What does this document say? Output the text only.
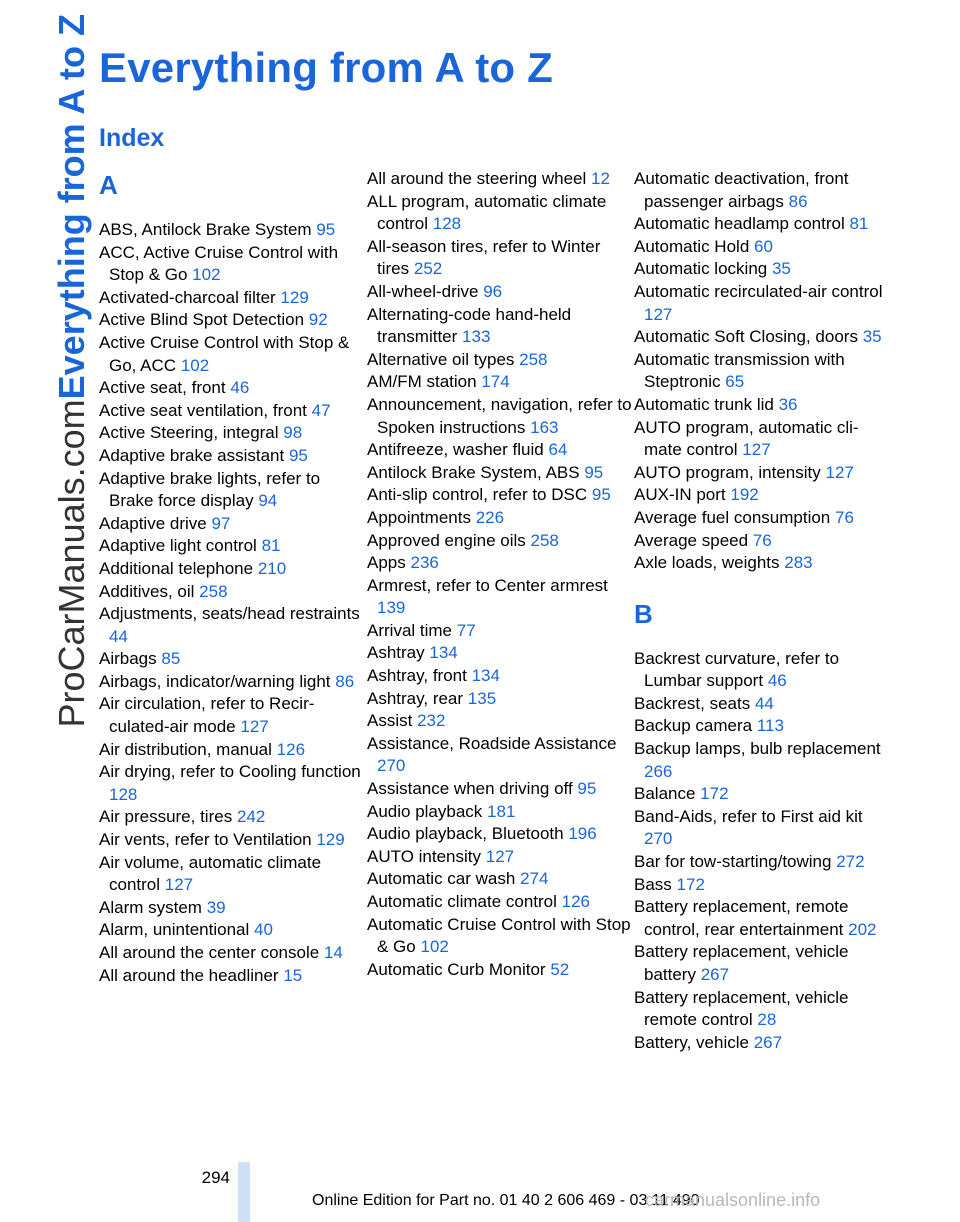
ProCarManuals.comEverything from A to Z Everything from A to Z
Index
A
ABS, Antilock Brake System 95
ACC, Active Cruise Control with Stop & Go 102
Activated-charcoal filter 129
Active Blind Spot Detection 92
Active Cruise Control with Stop & Go, ACC 102
Active seat, front 46
Active seat ventilation, front 47
Active Steering, integral 98
Adaptive brake assistant 95
Adaptive brake lights, refer to Brake force display 94
Adaptive drive 97
Adaptive light control 81
Additional telephone 210
Additives, oil 258
Adjustments, seats/head restraints 44
Airbags 85
Airbags, indicator/warning light 86
Air circulation, refer to Recirculated-air mode 127
Air distribution, manual 126
Air drying, refer to Cooling function 128
Air pressure, tires 242
Air vents, refer to Ventilation 129
Air volume, automatic climate control 127
Alarm system 39
Alarm, unintentional 40
All around the center console 14
All around the headliner 15
All around the steering wheel 12
ALL program, automatic climate control 128
All-season tires, refer to Winter tires 252
All-wheel-drive 96
Alternating-code hand-held transmitter 133
Alternative oil types 258
AM/FM station 174
Announcement, navigation, refer to Spoken instructions 163
Antifreeze, washer fluid 64
Antilock Brake System, ABS 95
Anti-slip control, refer to DSC 95
Appointments 226
Approved engine oils 258
Apps 236
Armrest, refer to Center armrest 139
Arrival time 77
Ashtray 134
Ashtray, front 134
Ashtray, rear 135
Assist 232
Assistance, Roadside Assistance 270
Assistance when driving off 95
Audio playback 181
Audio playback, Bluetooth 196
AUTO intensity 127
Automatic car wash 274
Automatic climate control 126
Automatic Cruise Control with Stop & Go 102
Automatic Curb Monitor 52
Automatic deactivation, front passenger airbags 86
Automatic headlamp control 81
Automatic Hold 60
Automatic locking 35
Automatic recirculated-air control 127
Automatic Soft Closing, doors 35
Automatic transmission with Steptronic 65
Automatic trunk lid 36
AUTO program, automatic climate control 127
AUTO program, intensity 127
AUX-IN port 192
Average fuel consumption 76
Average speed 76
Axle loads, weights 283
B
Backrest curvature, refer to Lumbar support 46
Backrest, seats 44
Backup camera 113
Backup lamps, bulb replacement 266
Balance 172
Band-Aids, refer to First aid kit 270
Bar for tow-starting/towing 272
Bass 172
Battery replacement, remote control, rear entertainment 202
Battery replacement, vehicle battery 267
Battery replacement, vehicle remote control 28
Battery, vehicle 267
294
Online Edition for Part no. 01 40 2 606 469 - 03 11 490
carmanualsonline.info
